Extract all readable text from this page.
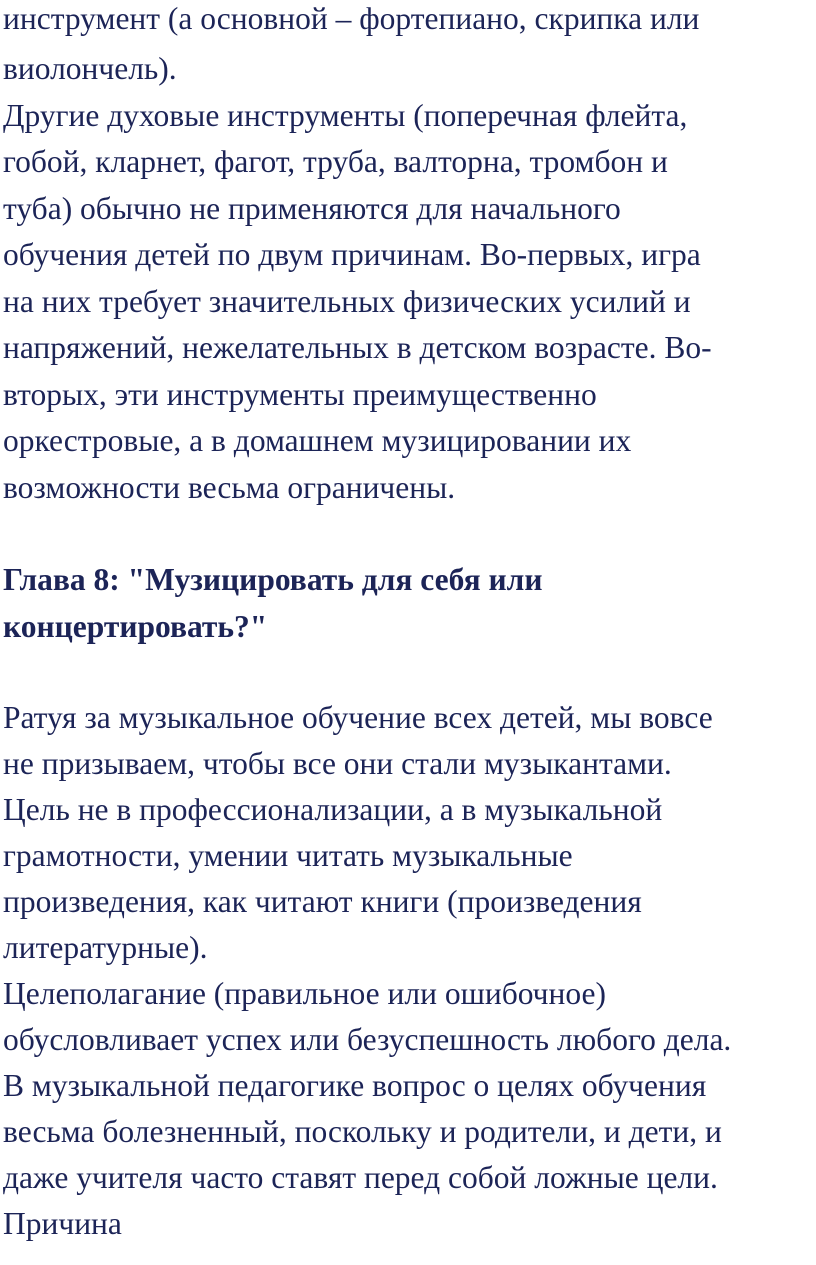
инструмент (а основной – фортепиано, скрипка или
виолончель).
Другие духовые инструменты (поперечная флейта,
гобой, кларнет, фагот, труба, валторна, тромбон и
туба) обычно не применяются для начального
обучения детей по двум причинам. Во-первых, игра
на них требует значительных физических усилий и
напряжений, нежелательных в детском возрасте. Во-
вторых, эти инструменты преимущественно
оркестровые, а в домашнем музицировании их
возможности весьма ограничены.
Глава 8: "Музицировать для себя или
концертировать?"
Ратуя за музыкальное обучение всех детей, мы вовсе
не призываем, чтобы все они стали музыкантами.
Цель не в профессионализации, а в музыкальной
грамотности, умении читать музыкальные
произведения, как читают книги (произведения
литературные).
Целеполагание (правильное или ошибочное)
обусловливает успех или безуспешность любого дела.
В музыкальной педагогике вопрос о целях обучения
весьма болезненный, поскольку и родители, и дети, и
даже учителя часто ставят перед собой ложные цели.
Причина
